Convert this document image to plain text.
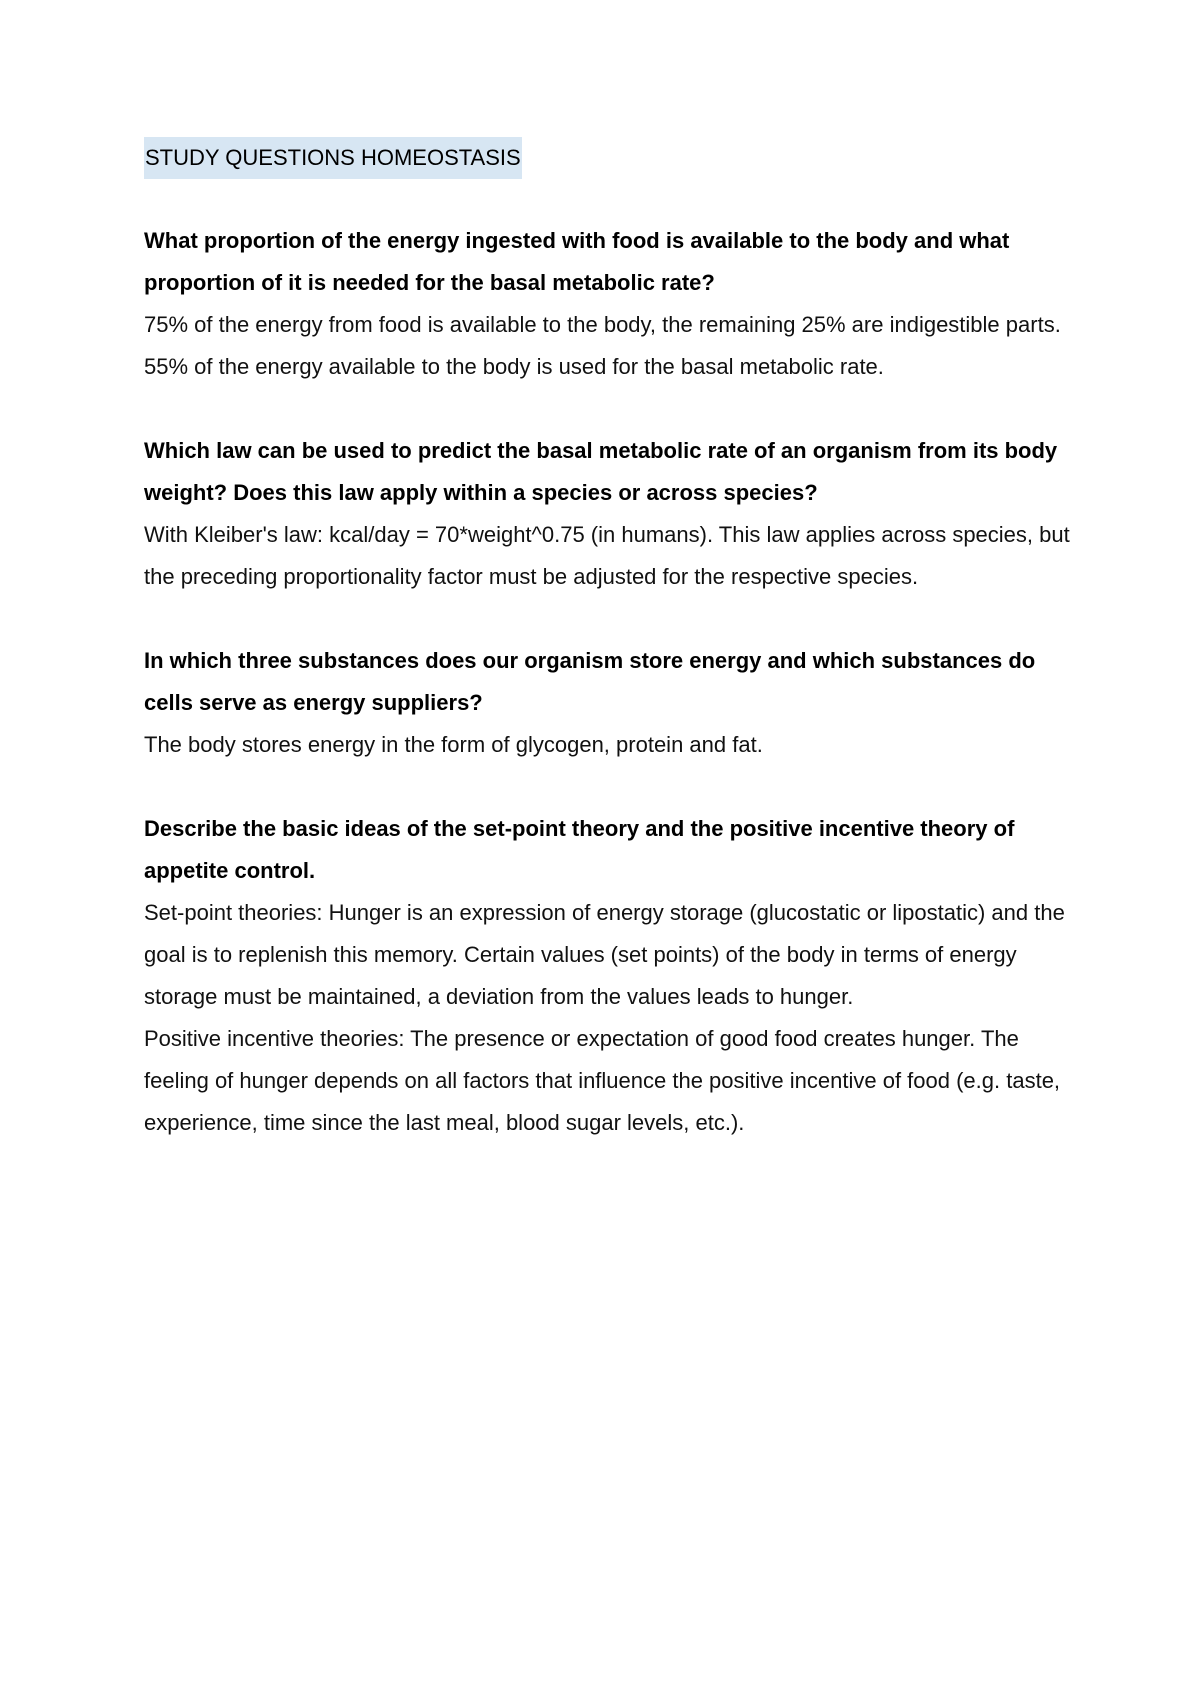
STUDY QUESTIONS HOMEOSTASIS

What proportion of the energy ingested with food is available to the body and what proportion of it is needed for the basal metabolic rate?

75% of the energy from food is available to the body, the remaining 25% are indigestible parts. 55% of the energy available to the body is used for the basal metabolic rate.

Which law can be used to predict the basal metabolic rate of an organism from its body weight? Does this law apply within a species or across species?

With Kleiber's law: kcal/day = 70*weight^0.75 (in humans). This law applies across species, but the preceding proportionality factor must be adjusted for the respective species.

In which three substances does our organism store energy and which substances do cells serve as energy suppliers?

The body stores energy in the form of glycogen, protein and fat.

Describe the basic ideas of the set-point theory and the positive incentive theory of appetite control.

Set-point theories: Hunger is an expression of energy storage (glucostatic or lipostatic) and the goal is to replenish this memory. Certain values (set points) of the body in terms of energy storage must be maintained, a deviation from the values leads to hunger.

Positive incentive theories: The presence or expectation of good food creates hunger. The feeling of hunger depends on all factors that influence the positive incentive of food (e.g. taste, experience, time since the last meal, blood sugar levels, etc.).
